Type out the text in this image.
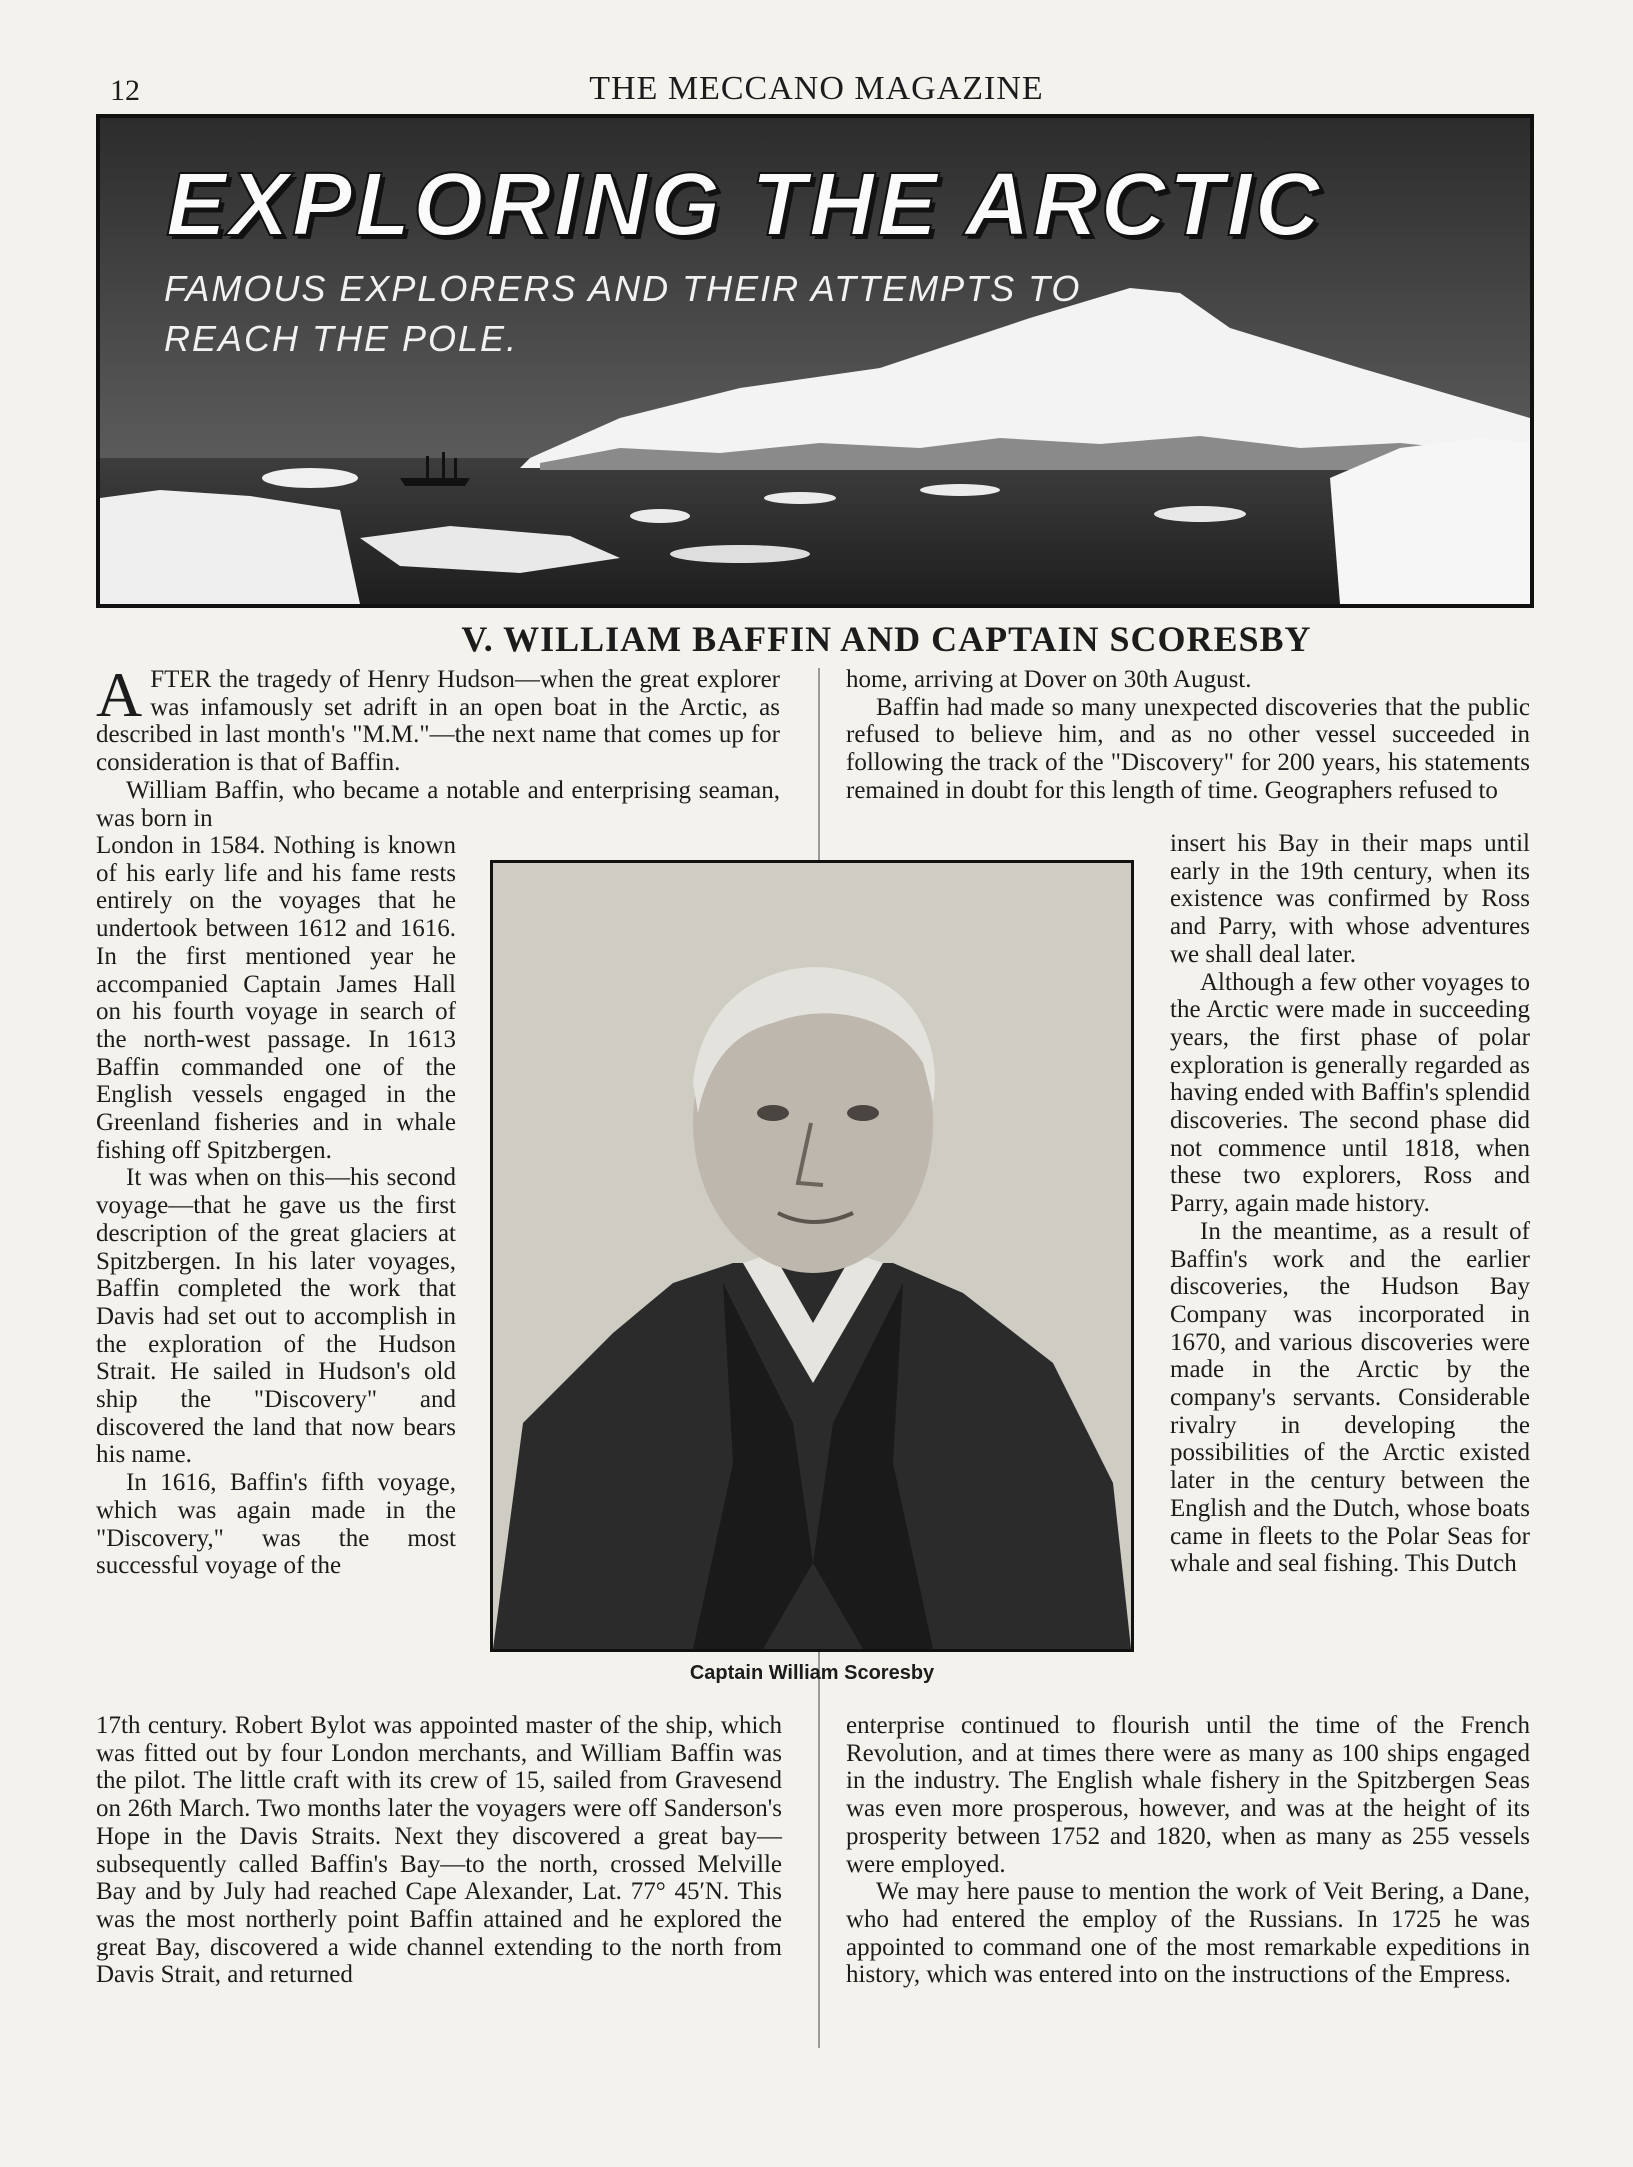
12	THE MECCANO MAGAZINE
EXPLORING THE ARCTIC
FAMOUS EXPLORERS AND THEIR ATTEMPTS TO REACH THE POLE.
V. WILLIAM BAFFIN AND CAPTAIN SCORESBY

AFTER the tragedy of Henry Hudson—when the great explorer was infamously set adrift in an open boat in the Arctic, as described in last month's "M.M."—the next name that comes up for consideration is that of Baffin.

William Baffin, who became a notable and enterprising seaman, was born in

London in 1584. Nothing is known of his early life and his fame rests entirely on the voyages that he undertook between 1612 and 1616. In the first mentioned year he accompanied Captain James Hall on his fourth voyage in search of the north-west passage. In 1613 Baffin commanded one of the English vessels engaged in the Greenland fisheries and in whale fishing off Spitzbergen.

It was when on this—his second voyage—that he gave us the first description of the great glaciers at Spitzbergen. In his later voyages, Baffin completed the work that Davis had set out to accomplish in the exploration of the Hudson Strait. He sailed in Hudson's old ship the "Discovery" and discovered the land that now bears his name.

In 1616, Baffin's fifth voyage, which was again made in the "Discovery," was the most successful voyage of the

Captain William Scoresby

17th century. Robert Bylot was appointed master of the ship, which was fitted out by four London merchants, and William Baffin was the pilot. The little craft with its crew of 15, sailed from Gravesend on 26th March. Two months later the voyagers were off Sanderson's Hope in the Davis Straits. Next they discovered a great bay—subsequently called Baffin's Bay—to the north, crossed Melville Bay and by July had reached Cape Alexander, Lat. 77° 45′N. This was the most northerly point Baffin attained and he explored the great Bay, discovered a wide channel extending to the north from Davis Strait, and returned

home, arriving at Dover on 30th August.

Baffin had made so many unexpected discoveries that the public refused to believe him, and as no other vessel succeeded in following the track of the "Discovery" for 200 years, his statements remained in doubt for this length of time. Geographers refused to

insert his Bay in their maps until early in the 19th century, when its existence was confirmed by Ross and Parry, with whose adventures we shall deal later.

Although a few other voyages to the Arctic were made in succeeding years, the first phase of polar exploration is generally regarded as having ended with Baffin's splendid discoveries. The second phase did not commence until 1818, when these two explorers, Ross and Parry, again made history.

In the meantime, as a result of Baffin's work and the earlier discoveries, the Hudson Bay Company was incorporated in 1670, and various discoveries were made in the Arctic by the company's servants. Considerable rivalry in developing the possibilities of the Arctic existed later in the century between the English and the Dutch, whose boats came in fleets to the Polar Seas for whale and seal fishing. This Dutch

enterprise continued to flourish until the time of the French Revolution, and at times there were as many as 100 ships engaged in the industry. The English whale fishery in the Spitzbergen Seas was even more prosperous, however, and was at the height of its prosperity between 1752 and 1820, when as many as 255 vessels were employed.

We may here pause to mention the work of Veit Bering, a Dane, who had entered the employ of the Russians. In 1725 he was appointed to command one of the most remarkable expeditions in history, which was entered into on the instructions of the Empress.
